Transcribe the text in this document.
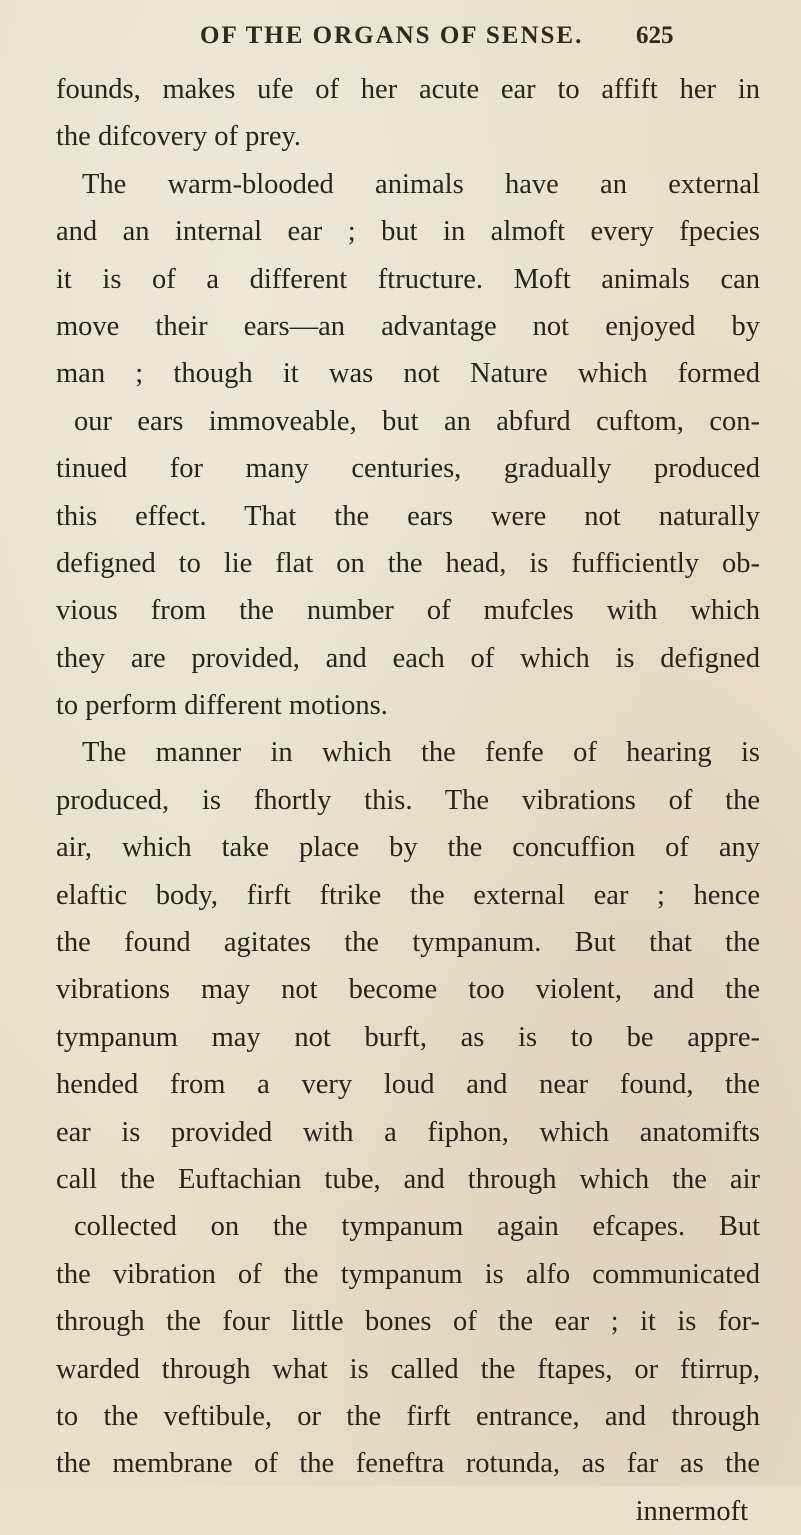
OF THE ORGANS OF SENSE. 625
founds, makes ufe of her acute ear to affift her in
the difcovery of prey.
The warm-blooded animals have an external
and an internal ear ; but in almoft every fpecies
it is of a different ftructure. Moft animals can
move their ears—an advantage not enjoyed by
man ; though it was not Nature which formed
our ears immoveable, but an abfurd cuftom, con-
tinued for many centuries, gradually produced
this effect. That the ears were not naturally
defigned to lie flat on the head, is fufficiently ob-
vious from the number of mufcles with which
they are provided, and each of which is defigned
to perform different motions.
The manner in which the fenfe of hearing is
produced, is fhortly this. The vibrations of the
air, which take place by the concuffion of any
elaftic body, firft ftrike the external ear ; hence
the found agitates the tympanum. But that the
vibrations may not become too violent, and the
tympanum may not burft, as is to be appre-
hended from a very loud and near found, the
ear is provided with a fiphon, which anatomifts
call the Euftachian tube, and through which the air
collected on the tympanum again efcapes. But
the vibration of the tympanum is alfo communicated
through the four little bones of the ear ; it is for-
warded through what is called the ftapes, or ftirrup,
to the veftibule, or the firft entrance, and through
the membrane of the feneftra rotunda, as far as the
innermoft
